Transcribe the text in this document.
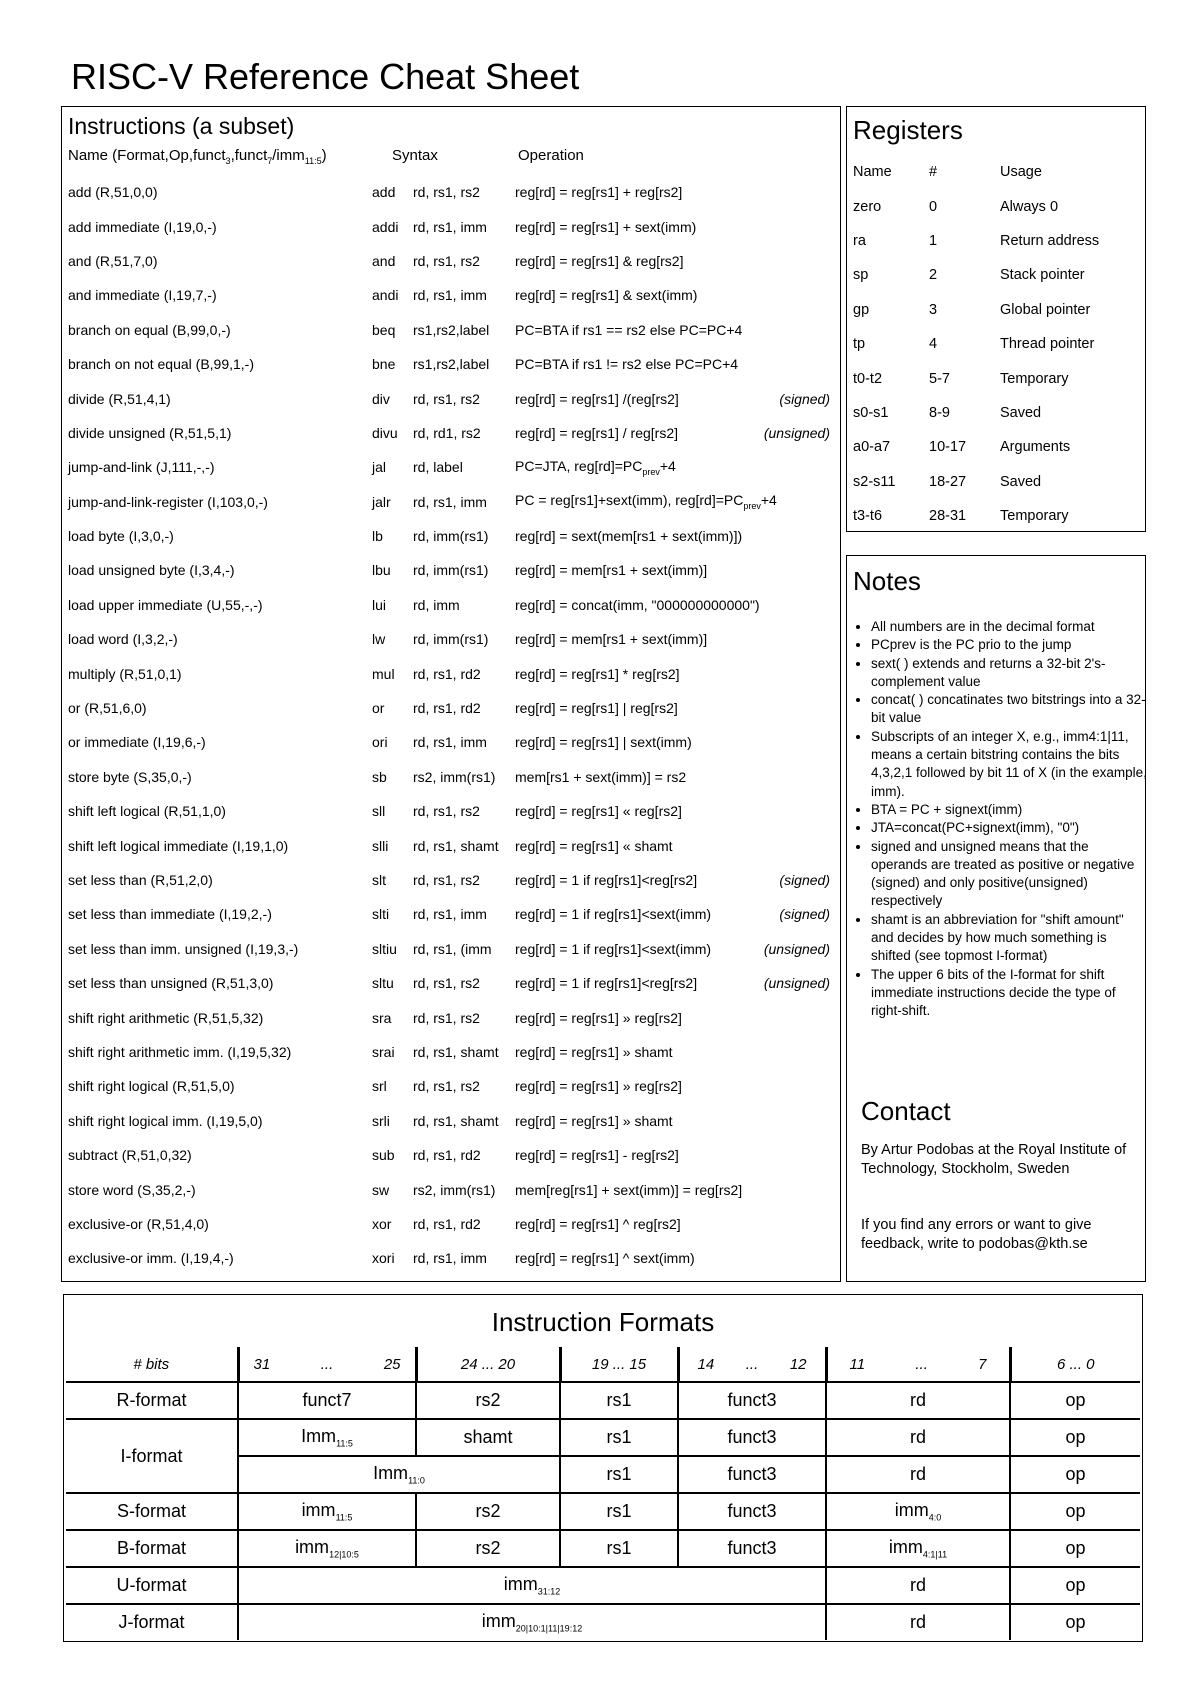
RISC-V Reference Cheat Sheet
Instructions (a subset)
Name (Format,Op,funct$_3$,funct$_7$/imm$_{11:5}$)	Syntax	Operation
add (R,51,0,0)	add	rd, rs1, rs2	reg[rd] = reg[rs1] + reg[rs2]
add immediate (I,19,0,-)	addi	rd, rs1, imm	reg[rd] = reg[rs1] + sext(imm)
and (R,51,7,0)	and	rd, rs1, rs2	reg[rd] = reg[rs1] & reg[rs2]
and immediate (I,19,7,-)	andi	rd, rs1, imm	reg[rd] = reg[rs1] & sext(imm)
branch on equal (B,99,0,-)	beq	rs1,rs2,label	PC=BTA if rs1 == rs2 else PC=PC+4
branch on not equal (B,99,1,-)	bne	rs1,rs2,label	PC=BTA if rs1 != rs2 else PC=PC+4
divide (R,51,4,1)	div	rd, rs1, rs2	reg[rd] = reg[rs1] /(reg[rs2] (signed)

divide unsigned (R,51,5,1)	divu	rd, rd1, rs2	reg[rd] = reg[rs1] / reg[rs2] (unsigned)

jump-and-link (J,111,-,-)	jal	rd, label	PC=JTA, $reg[rd]=PC_{prev}+4$
jump-and-link-register (I,103,0,-)	jalr	rd, rs1, imm	PC = reg[rs1]+sext(imm), $reg[rd]=PC_{prev}+4$
load byte (I,3,0,-)	lb	rd, imm(rs1)	reg[rd] = sext(mem[rs1 + sext(imm)])
load unsigned byte (I,3,4,-)	lbu	rd, imm(rs1)	reg[rd] = mem[rs1 + sext(imm)]
load upper immediate (U,55,-,-)	lui	rd, imm	reg[rd] = concat(imm, "000000000000")
load word (I,3,2,-)	lw	rd, imm(rs1)	reg[rd] = mem[rs1 + sext(imm)]
multiply (R,51,0,1)	mul	rd, rs1, rd2	reg[rd] = reg[rs1] * reg[rs2]
or (R,51,6,0)	or	rd, rs1, rd2	reg[rd] = reg[rs1] | reg[rs2]
or immediate (I,19,6,-)	ori	rd, rs1, imm	reg[rd] = reg[rs1] | sext(imm)
store byte (S,35,0,-)	sb	rs2, imm(rs1)	mem[rs1 + sext(imm)] = rs2
shift left logical (R,51,1,0)	sll	rd, rs1, rs2	reg[rd] = reg[rs1] « reg[rs2]
shift left logical immediate (I,19,1,0)	slli	rd, rs1, shamt	reg[rd] = reg[rs1] « shamt
set less than (R,51,2,0)	slt	rd, rs1, rs2	reg[rd] = 1 if reg[rs1]<reg[rs2] (signed)

set less than immediate (I,19,2,-)	slti	rd, rs1, imm	reg[rd] = 1 if reg[rs1]<sext(imm) (signed)

set less than imm. unsigned (I,19,3,-)	sltiu	rd, rs1, (imm	reg[rd] = 1 if reg[rs1]<sext(imm) (unsigned)

set less than unsigned (R,51,3,0)	sltu	rd, rs1, rs2	reg[rd] = 1 if reg[rs1]<reg[rs2] (unsigned)

shift right arithmetic (R,51,5,32)	sra	rd, rs1, rs2	reg[rd] = reg[rs1] » reg[rs2]
shift right arithmetic imm. (I,19,5,32)	srai	rd, rs1, shamt	reg[rd] = reg[rs1] » shamt
shift right logical (R,51,5,0)	srl	rd, rs1, rs2	reg[rd] = reg[rs1] » reg[rs2]
shift right logical imm. (I,19,5,0)	srli	rd, rs1, shamt	reg[rd] = reg[rs1] » shamt
subtract (R,51,0,32)	sub	rd, rs1, rd2	reg[rd] = reg[rs1] - reg[rs2]
store word (S,35,2,-)	sw	rs2, imm(rs1)	mem[reg[rs1] + sext(imm)] = reg[rs2]
exclusive-or (R,51,4,0)	xor	rd, rs1, rd2	reg[rd] = reg[rs1] ^ reg[rs2]
exclusive-or imm. (I,19,4,-)	xori	rd, rs1, imm	reg[rd] = reg[rs1] ^ sext(imm)
Registers
Name	#	Usage
zero	0	Always 0
ra	1	Return address
sp	2	Stack pointer
gp	3	Global pointer
tp	4	Thread pointer
t0-t2	5-7	Temporary
s0-s1	8-9	Saved
a0-a7	10-17	Arguments
s2-s11	18-27	Saved
t3-t6	28-31	Temporary
Notes
• All numbers are in the decimal format
• PCprev is the PC prio to the jump
• sext( ) extends and returns a 32-bit 2's-complement value
• concat( ) concatinates two bitstrings into a 32-bit value
• Subscripts of an integer X, e.g., imm4:1|11, means a certain bitstring contains the bits 4,3,2,1 followed by bit 11 of X (in the example, imm).
• BTA = PC + signext(imm)
• JTA=concat(PC+signext(imm), "0")
• signed and unsigned means that the operands are treated as positive or negative (signed) and only positive(unsigned) respectively
• shamt is an abbreviation for "shift amount" and decides by how much something is shifted (see topmost I-format)
• The upper 6 bits of the I-format for shift immediate instructions decide the type of right-shift.
Contact
By Artur Podobas at the Royal Institute of Technology, Stockholm, Sweden
If you find any errors or want to give feedback, write to podobas@kth.se
Instruction Formats
# bits	31 ... 25	24 ... 20	19 ... 15	14 ... 12	11 ... 7	6 ... 0
R-format	funct7	rs2	rs1	funct3	rd	op
I-format	Imm$_{11:5}$	shamt	rs1	funct3	rd	op
	Imm$_{11:0}$		rs1	funct3	rd	op
S-format	imm$_{11:5}$	rs2	rs1	funct3	imm$_{4:0}$	op
B-format	imm$_{12|10:5}$	rs2	rs1	funct3	imm$_{4:1|11}$	op
U-format	imm$_{31:12}$				rd	op
J-format	imm$_{20|10:1|11|19:12}$				rd	op
